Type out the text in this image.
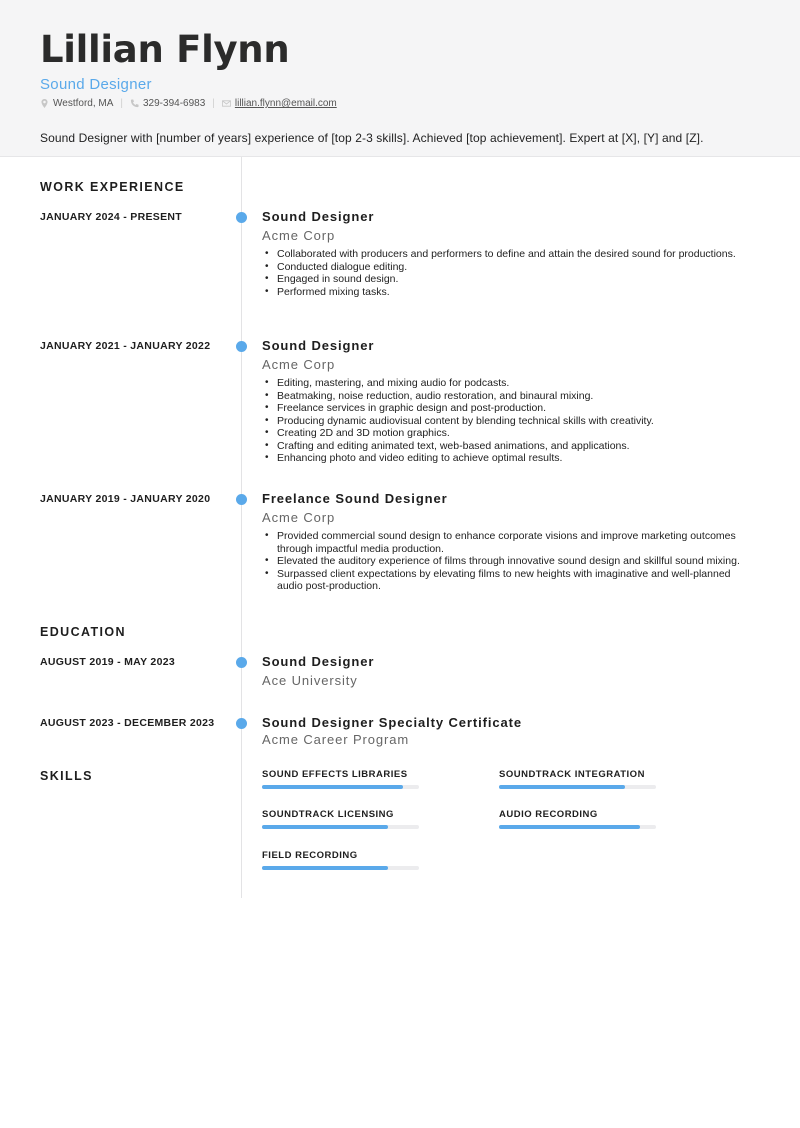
Lillian Flynn
Sound Designer
Westford, MA | 329-394-6983 | lillian.flynn@email.com
Sound Designer with [number of years] experience of [top 2-3 skills]. Achieved [top achievement]. Expert at [X], [Y] and [Z].
WORK EXPERIENCE
JANUARY 2024 - PRESENT	Sound Designer
Acme Corp
• Collaborated with producers and performers to define and attain the desired sound for productions.
• Conducted dialogue editing.
• Engaged in sound design.
• Performed mixing tasks.
JANUARY 2021 - JANUARY 2022	Sound Designer
Acme Corp
• Editing, mastering, and mixing audio for podcasts.
• Beatmaking, noise reduction, audio restoration, and binaural mixing.
• Freelance services in graphic design and post-production.
• Producing dynamic audiovisual content by blending technical skills with creativity.
• Creating 2D and 3D motion graphics.
• Crafting and editing animated text, web-based animations, and applications.
• Enhancing photo and video editing to achieve optimal results.
JANUARY 2019 - JANUARY 2020	Freelance Sound Designer
Acme Corp
• Provided commercial sound design to enhance corporate visions and improve marketing outcomes through impactful media production.
• Elevated the auditory experience of films through innovative sound design and skillful sound mixing.
• Surpassed client expectations by elevating films to new heights with imaginative and well-planned audio post-production.
EDUCATION
AUGUST 2019 - MAY 2023	Sound Designer
Ace University
AUGUST 2023 - DECEMBER 2023	Sound Designer Specialty Certificate
Acme Career Program
SKILLS	SOUND EFFECTS LIBRARIES	SOUNDTRACK INTEGRATION
SOUNDTRACK LICENSING	AUDIO RECORDING
FIELD RECORDING
